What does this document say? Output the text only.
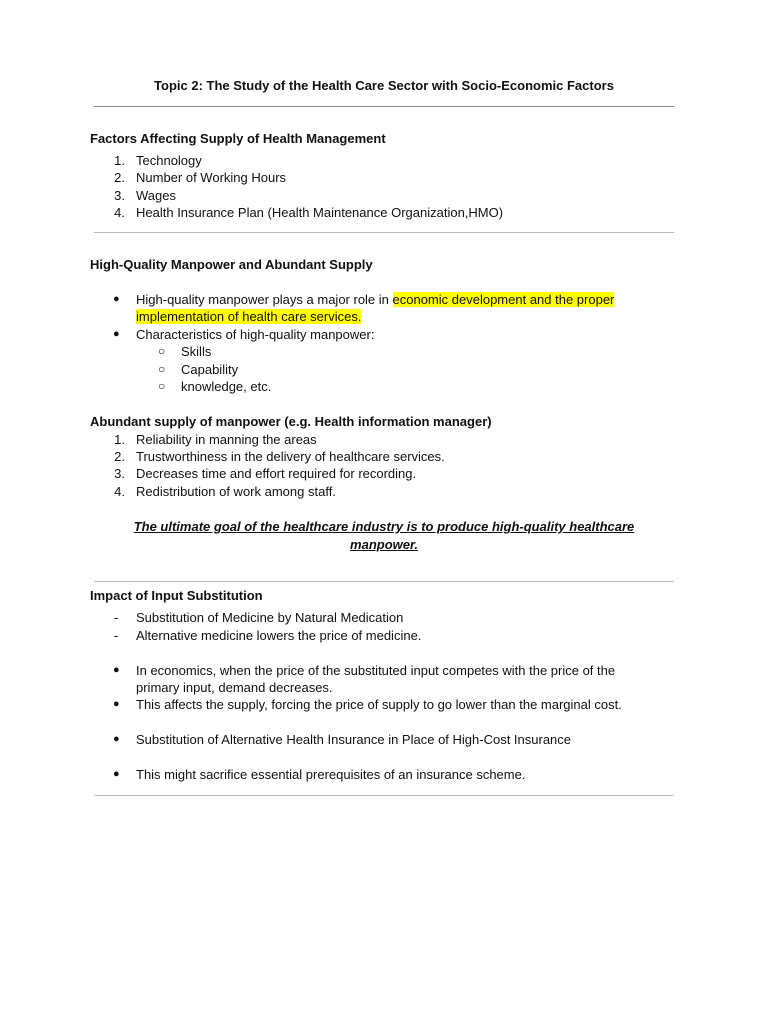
Topic 2: The Study of the Health Care Sector with Socio-Economic Factors
Factors Affecting Supply of Health Management
1. Technology
2. Number of Working Hours
3. Wages
4. Health Insurance Plan (Health Maintenance Organization,HMO)
High-Quality Manpower and Abundant Supply
● High-quality manpower plays a major role in economic development and the proper
implementation of health care services.
● Characteristics of high-quality manpower:
○ Skills
○ Capability
○ knowledge, etc.
Abundant supply of manpower (e.g. Health information manager)
1. Reliability in manning the areas
2. Trustworthiness in the delivery of healthcare services.
3. Decreases time and effort required for recording.
4. Redistribution of work among staff.
The ultimate goal of the healthcare industry is to produce high-quality healthcare
manpower.
Impact of Input Substitution
- Substitution of Medicine by Natural Medication
- Alternative medicine lowers the price of medicine.
● In economics, when the price of the substituted input competes with the price of the
primary input, demand decreases.
● This affects the supply, forcing the price of supply to go lower than the marginal cost.
● Substitution of Alternative Health Insurance in Place of High-Cost Insurance
● This might sacrifice essential prerequisites of an insurance scheme.
